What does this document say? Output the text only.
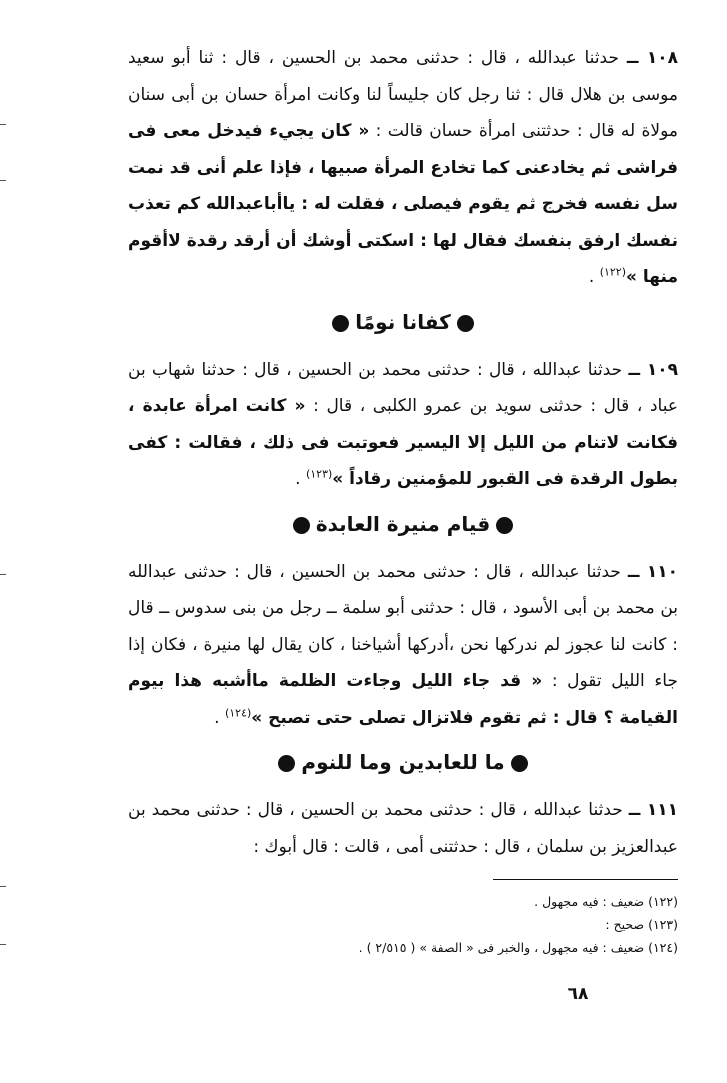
١٠٨ ــ حدثنا عبدالله ، قال : حدثنى محمد بن الحسين ، قال : ثنا أبو سعيد موسى بن هلال قال : ثنا رجل كان جليساً لنا وكانت امرأة حسان بن أبى سنان مولاة له قال : حدثتنى امرأة حسان قالت : « كان يجيء فيدخل معى فى فراشى ثم يخادعنى كما تخادع المرأة صبيها ، فإذا علم أنى قد نمت سل نفسه فخرج ثم يقوم فيصلى ، فقلت له : ياأباعبدالله كم تعذب نفسك ارفق بنفسك فقال لها : اسكتى أوشك أن أرقد رقدة لاأقوم منها »$^{(١٢٢)}$ .

كفانا نومًا

١٠٩ ــ حدثنا عبدالله ، قال : حدثنى محمد بن الحسين ، قال : حدثنا شهاب بن عباد ، قال : حدثنى سويد بن عمرو الكلبى ، قال : « كانت امرأة عابدة ، فكانت لاتنام من الليل إلا اليسير فعوتبت فى ذلك ، فقالت : كفى بطول الرقدة فى القبور للمؤمنين رقاداً »$^{(١٢٣)}$ .

قيام منيرة العابدة

١١٠ ــ حدثنا عبدالله ، قال : حدثنى محمد بن الحسين ، قال : حدثنى عبدالله بن محمد بن أبى الأسود ، قال : حدثنى أبو سلمة ــ رجل من بنى سدوس ــ قال : كانت لنا عجوز لم ندركها نحن ،أدركها أشياخنا ، كان يقال لها منيرة ، فكان إذا جاء الليل تقول : « قد جاء الليل وجاءت الظلمة ماأشبه هذا بيوم القيامة ؟ قال : ثم تقوم فلاتزال تصلى حتى تصبح »$^{(١٢٤)}$ .

ما للعابدين وما للنوم

١١١ ــ حدثنا عبدالله ، قال : حدثنى محمد بن الحسين ، قال : حدثنى محمد بن عبدالعزيز بن سلمان ، قال : حدثتنى أمى ، قالت : قال أبوك :

(١٢٢) ضعيف : فيه مجهول .
(١٢٣) صحيح :
(١٢٤) ضعيف : فيه مجهول ، والخبر فى « الصفة » ( ٢/٥١٥ ) .
٦٨
